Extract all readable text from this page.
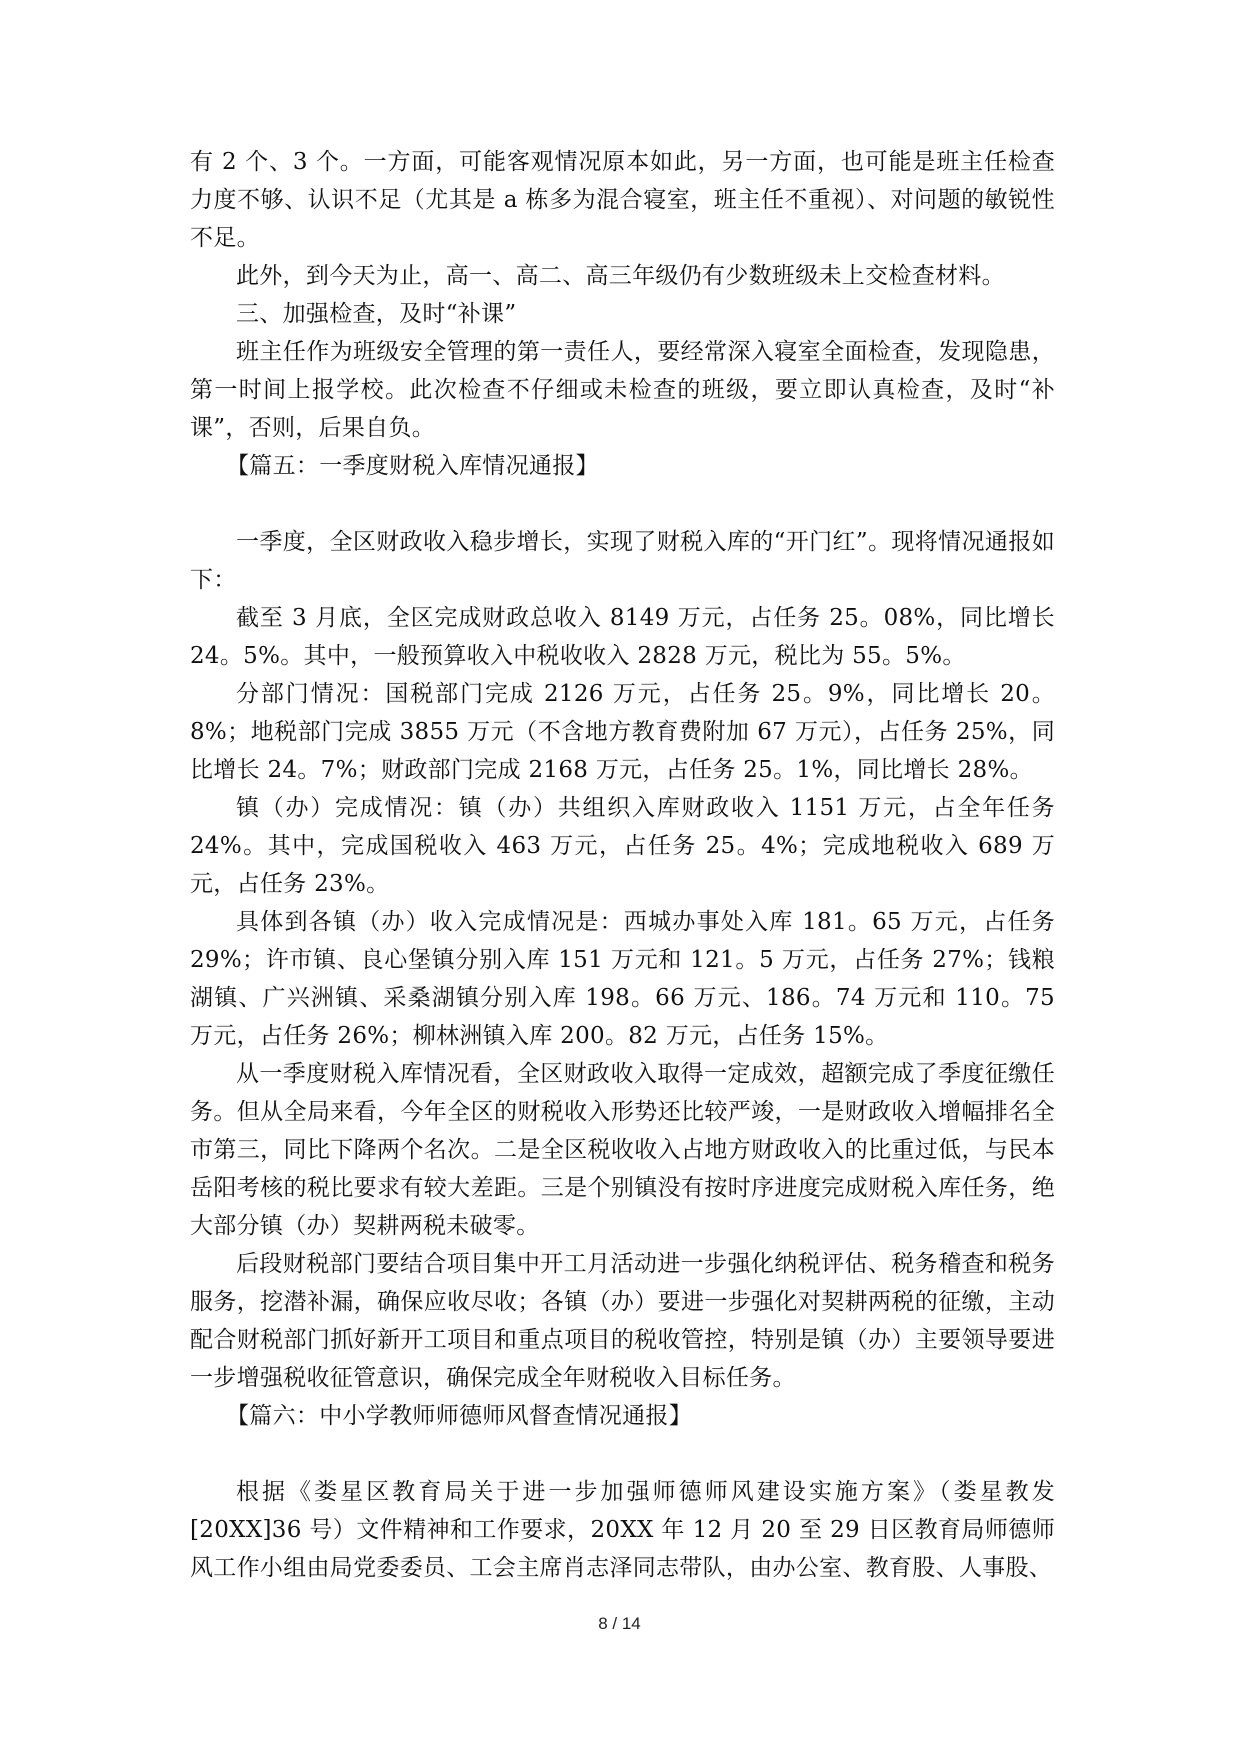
有 2 个、3 个。一方面，可能客观情况原本如此，另一方面，也可能是班主任检查力度不够、认识不足（尤其是 a 栋多为混合寝室，班主任不重视）、对问题的敏锐性不足。

此外，到今天为止，高一、高二、高三年级仍有少数班级未上交检查材料。

三、加强检查，及时“补课”

班主任作为班级安全管理的第一责任人，要经常深入寝室全面检查，发现隐患，第一时间上报学校。此次检查不仔细或未检查的班级，要立即认真检查，及时“补课”，否则，后果自负。

【篇五：一季度财税入库情况通报】

一季度，全区财政收入稳步增长，实现了财税入库的“开门红”。现将情况通报如下：

截至 3 月底，全区完成财政总收入 8149 万元，占任务 25。08%，同比增长 24。5%。其中，一般预算收入中税收收入 2828 万元，税比为 55。5%。

分部门情况：国税部门完成 2126 万元，占任务 25。9%，同比增长 20。8%；地税部门完成 3855 万元（不含地方教育费附加 67 万元），占任务 25%，同比增长 24。7%；财政部门完成 2168 万元，占任务 25。1%，同比增长 28%。

镇（办）完成情况：镇（办）共组织入库财政收入 1151 万元，占全年任务 24%。其中，完成国税收入 463 万元，占任务 25。4%；完成地税收入 689 万元，占任务 23%。

具体到各镇（办）收入完成情况是：西城办事处入库 181。65 万元，占任务 29%；许市镇、良心堡镇分别入库 151 万元和 121。5 万元，占任务 27%；钱粮湖镇、广兴洲镇、采桑湖镇分别入库 198。66 万元、186。74 万元和 110。75 万元，占任务 26%；柳林洲镇入库 200。82 万元，占任务 15%。

从一季度财税入库情况看，全区财政收入取得一定成效，超额完成了季度征缴任务。但从全局来看，今年全区的财税收入形势还比较严竣，一是财政收入增幅排名全市第三，同比下降两个名次。二是全区税收收入占地方财政收入的比重过低，与民本岳阳考核的税比要求有较大差距。三是个别镇没有按时序进度完成财税入库任务，绝大部分镇（办）契耕两税未破零。

后段财税部门要结合项目集中开工月活动进一步强化纳税评估、税务稽查和税务服务，挖潜补漏，确保应收尽收；各镇（办）要进一步强化对契耕两税的征缴，主动配合财税部门抓好新开工项目和重点项目的税收管控，特别是镇（办）主要领导要进一步增强税收征管意识，确保完成全年财税收入目标任务。

【篇六：中小学教师师德师风督查情况通报】

根据《娄星区教育局关于进一步加强师德师风建设实施方案》（娄星教发[20XX]36 号）文件精神和工作要求，20XX 年 12 月 20 至 29 日区教育局师德师风工作小组由局党委委员、工会主席肖志泽同志带队，由办公室、教育股、人事股、

8 / 14
